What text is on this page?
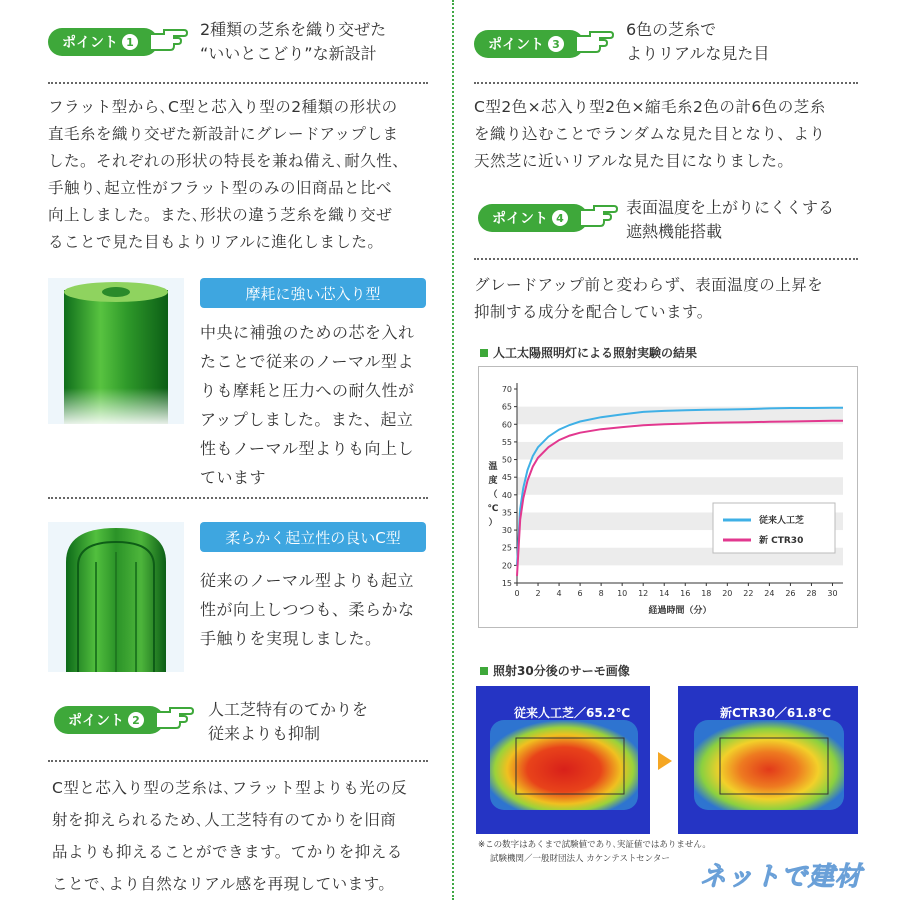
ポイント 1
2種類の芝糸を織り交ぜた
“いいとこどり”な新設計
フラット型から､C型と芯入り型の2種類の形状の
直毛糸を織り交ぜた新設計にグレードアップしま
した。それぞれの形状の特長を兼ね備え､耐久性、
手触り､起立性がフラット型のみの旧商品と比べ
向上しました。また､形状の違う芝糸を織り交ぜ
ることで見た目もよりリアルに進化しました。
摩耗に強い芯入り型
中央に補強のための芯を入れ
たことで従来のノーマル型よ
りも摩耗と圧力への耐久性が
アップしました。また、起立
性もノーマル型よりも向上し
ています
柔らかく起立性の良いC型
従来のノーマル型よりも起立
性が向上しつつも、柔らかな
手触りを実現しました。
ポイント 2
人工芝特有のてかりを
従来よりも抑制
C型と芯入り型の芝糸は､フラット型よりも光の反
射を抑えられるため､人工芝特有のてかりを旧商
品よりも抑えることができます。てかりを抑える
ことで､より自然なリアル感を再現しています。
ポイント 3
6色の芝糸で
よりリアルな見た目
C型2色×芯入り型2色×縮毛糸2色の計6色の芝糸
を織り込むことでランダムな見た目となり、より
天然芝に近いリアルな見た目になりました。
ポイント 4
表面温度を上がりにくくする
遮熱機能搭載
グレードアップ前と変わらず、表面温度の上昇を
抑制する成分を配合しています。
人工太陽照明灯による照射実験の結果
15
20
25
30
35
40
45
50
55
60
65
70
0 2 4 6 8 10 12 14 16 18 20 22 24 26 28 30
経過時間（分）
温
度
（
℃
）	従来人工芝
新 CTR30
照射30分後のサーモ画像
従来人工芝／65.2℃	新CTR30／61.8℃
※この数字はあくまで試験値であり､実証値ではありません。
試験機関／一般財団法人 カケンテストセンター
ネットで建材
